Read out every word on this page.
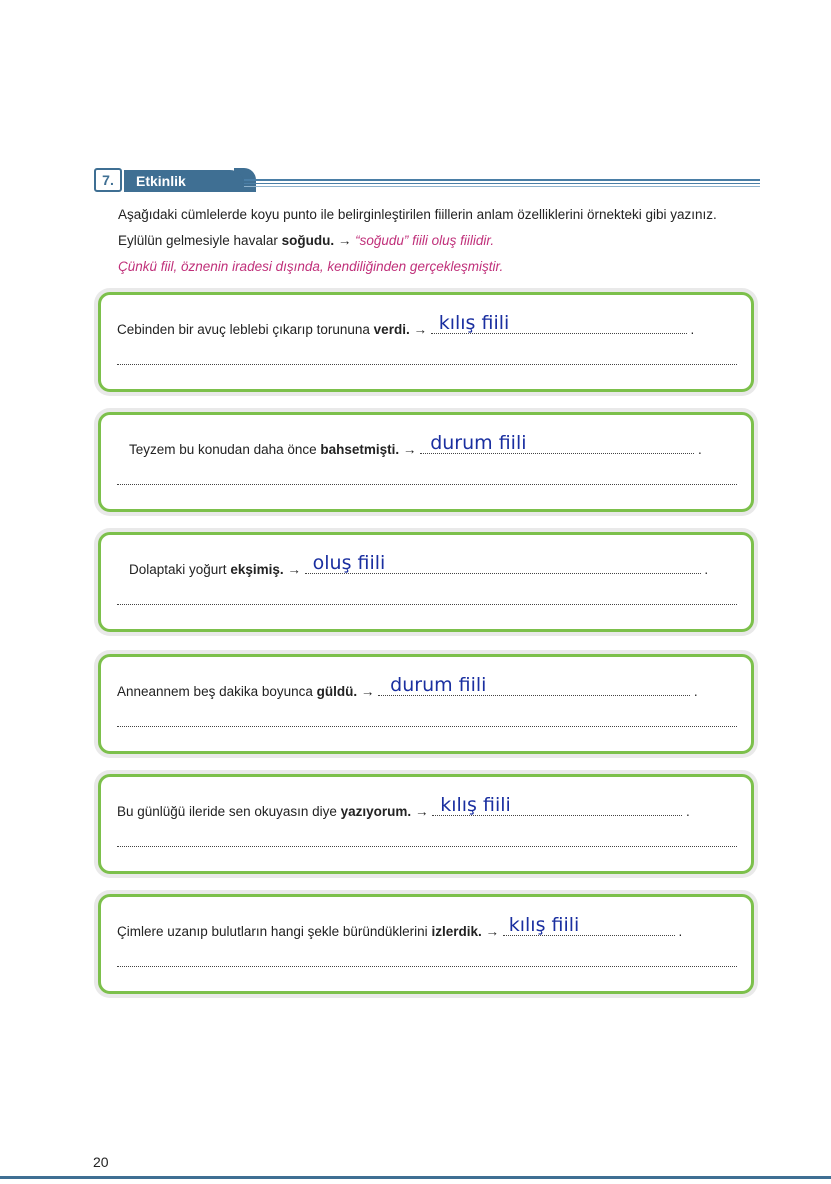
7.	Etkinlik
Aşağıdaki cümlelerde koyu punto ile belirginleştirilen fiillerin anlam özelliklerini örnekteki gibi yazınız.
Eylülün gelmesiyle havalar soğudu. → “soğudu” fiili oluş fiilidir.
Çünkü fiil, öznenin iradesi dışında, kendiliğinden gerçekleşmiştir.
Cebinden bir avuç leblebi çıkarıp torununa verdi. → kılış fiili	.
Teyzem bu konudan daha önce bahsetmişti. → durum fiili	.
Dolaptaki yoğurt ekşimiş. → oluş fiili	.
Anneannem beş dakika boyunca güldü. → durum fiili	.
Bu günlüğü ileride sen okuyasın diye yazıyorum. → kılış fiili	.
Çimlere uzanıp bulutların hangi şekle büründüklerini izlerdik. → kılış fiili	.
20
